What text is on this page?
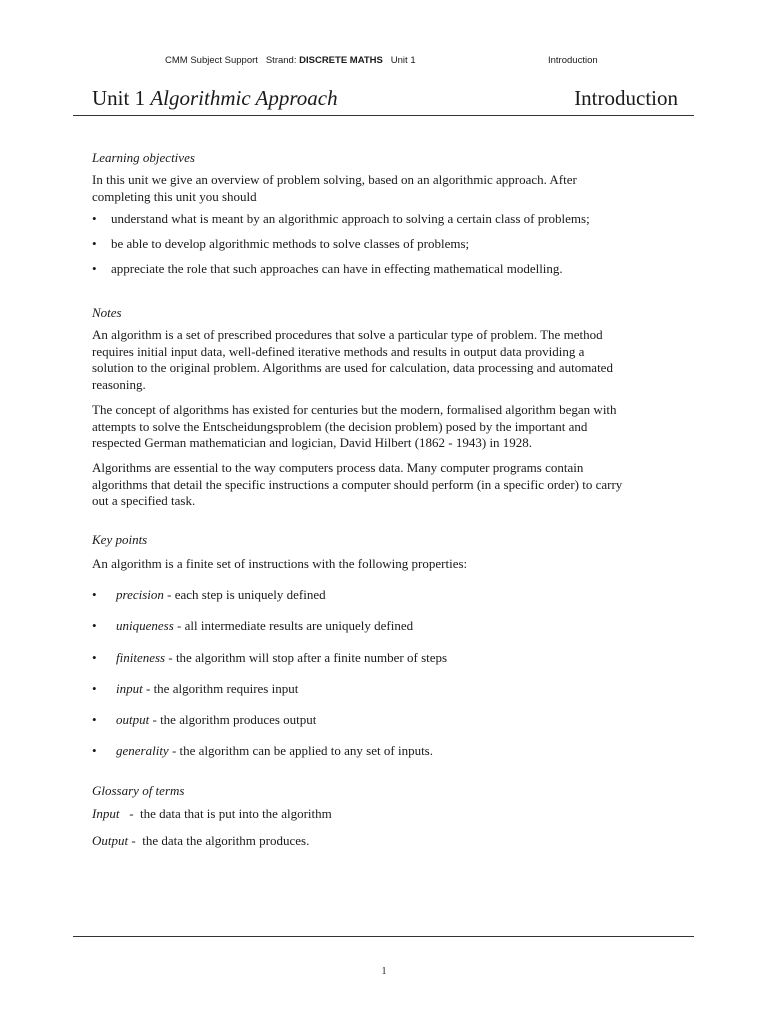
CMM Subject Support   Strand: DISCRETE MATHS   Unit 1	Introduction
Unit 1 Algorithmic Approach	Introduction
Learning objectives
In this unit we give an overview of problem solving, based on an algorithmic approach. After
completing this unit you should
• understand what is meant by an algorithmic approach to solving a certain class of problems;
• be able to develop algorithmic methods to solve classes of problems;
• appreciate the role that such approaches can have in effecting mathematical modelling.
Notes
An algorithm is a set of prescribed procedures that solve a particular type of problem. The method
requires initial input data, well-defined iterative methods and results in output data providing a
solution to the original problem. Algorithms are used for calculation, data processing and automated
reasoning.
The concept of algorithms has existed for centuries but the modern, formalised algorithm began with
attempts to solve the Entscheidungsproblem (the decision problem) posed by the important and
respected German mathematician and logician, David Hilbert (1862 - 1943) in 1928.
Algorithms are essential to the way computers process data. Many computer programs contain
algorithms that detail the specific instructions a computer should perform (in a specific order) to carry
out a specified task.
Key points
An algorithm is a finite set of instructions with the following properties:
• precision - each step is uniquely defined
• uniqueness - all intermediate results are uniquely defined
• finiteness - the algorithm will stop after a finite number of steps
• input - the algorithm requires input
• output - the algorithm produces output
• generality - the algorithm can be applied to any set of inputs.
Glossary of terms
Input   -  the data that is put into the algorithm
Output -  the data the algorithm produces.
1
